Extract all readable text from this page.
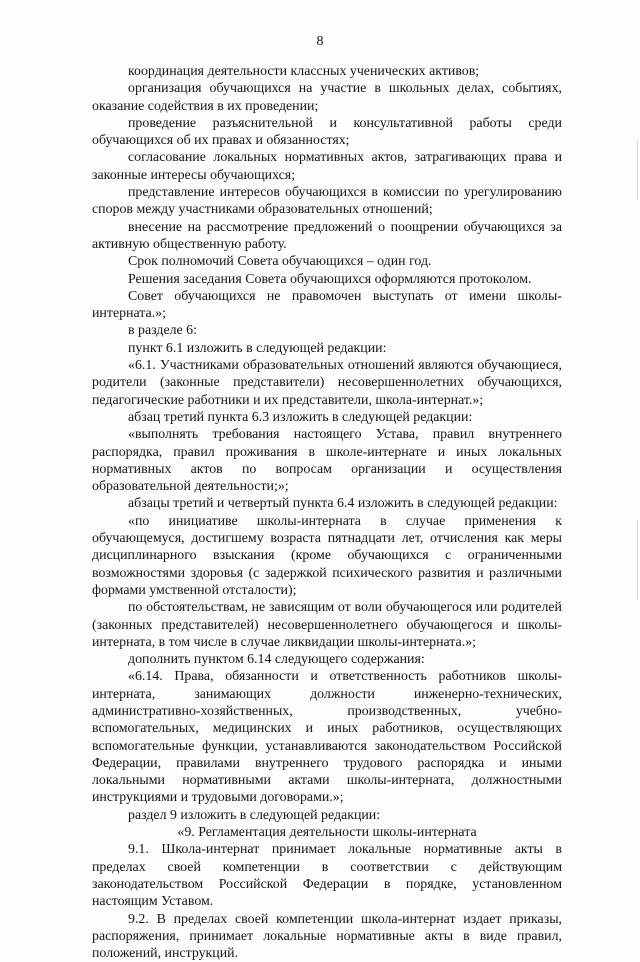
8

координация деятельности классных ученических активов;

организация обучающихся на участие в школьных делах, событиях, оказание содействия в их проведении;

проведение разъяснительной и консультативной работы среди обучающихся об их правах и обязанностях;

согласование локальных нормативных актов, затрагивающих права и законные интересы обучающихся;

представление интересов обучающихся в комиссии по урегулированию споров между участниками образовательных отношений;

внесение на рассмотрение предложений о поощрении обучающихся за активную общественную работу.

Срок полномочий Совета обучающихся – один год.

Решения заседания Совета обучающихся оформляются протоколом.

Совет обучающихся не правомочен выступать от имени школы-интерната.»;

в разделе 6:

пункт 6.1 изложить в следующей редакции:

«6.1. Участниками образовательных отношений являются обучающиеся, родители (законные представители) несовершеннолетних обучающихся, педагогические работники и их представители, школа-интернат.»;

абзац третий пункта 6.3 изложить в следующей редакции:

«выполнять требования настоящего Устава, правил внутреннего распорядка, правил проживания в школе-интернате и иных локальных нормативных актов по вопросам организации и осуществления образовательной деятельности;»;

абзацы третий и четвертый пункта 6.4 изложить в следующей редакции:

«по инициативе школы-интерната в случае применения к обучающемуся, достигшему возраста пятнадцати лет, отчисления как меры дисциплинарного взыскания (кроме обучающихся с ограниченными возможностями здоровья (с задержкой психического развития и различными формами умственной отсталости);

по обстоятельствам, не зависящим от воли обучающегося или родителей (законных представителей) несовершеннолетнего обучающегося и школы-интерната, в том числе в случае ликвидации школы-интерната.»;

дополнить пунктом 6.14 следующего содержания:

«6.14. Права, обязанности и ответственность работников школы-интерната, занимающих должности инженерно-технических, административно-хозяйственных, производственных, учебно-вспомогательных, медицинских и иных работников, осуществляющих вспомогательные функции, устанавливаются законодательством Российской Федерации, правилами внутреннего трудового распорядка и иными локальными нормативными актами школы-интерната, должностными инструкциями и трудовыми договорами.»;

раздел 9 изложить в следующей редакции:

«9. Регламентация деятельности школы-интерната

9.1. Школа-интернат принимает локальные нормативные акты в пределах своей компетенции в соответствии с действующим законодательством Российской Федерации в порядке, установленном настоящим Уставом.

9.2. В пределах своей компетенции школа-интернат издает приказы, распоряжения, принимает локальные нормативные акты в виде правил, положений, инструкций.
